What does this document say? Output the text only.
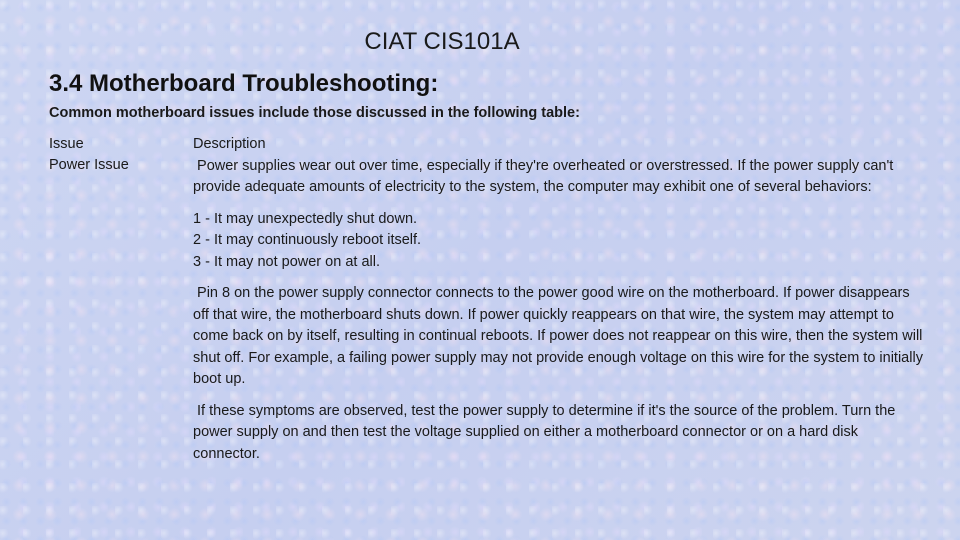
CIAT CIS101A
3.4 Motherboard Troubleshooting:
Common motherboard issues include those discussed in the following table:
Issue
Power Issue

Description

Power supplies wear out over time, especially if they're overheated or overstressed. If the power supply can't provide adequate amounts of electricity to the system, the computer may exhibit one of several behaviors:

1 - It may unexpectedly shut down.
2 - It may continuously reboot itself.
3 - It may not power on at all.

Pin 8 on the power supply connector connects to the power good wire on the motherboard. If power disappears off that wire, the motherboard shuts down. If power quickly reappears on that wire, the system may attempt to come back on by itself, resulting in continual reboots. If power does not reappear on this wire, then the system will shut off. For example, a failing power supply may not provide enough voltage on this wire for the system to initially boot up.

If these symptoms are observed, test the power supply to determine if it's the source of the problem. Turn the power supply on and then test the voltage supplied on either a motherboard connector or on a hard disk connector.
